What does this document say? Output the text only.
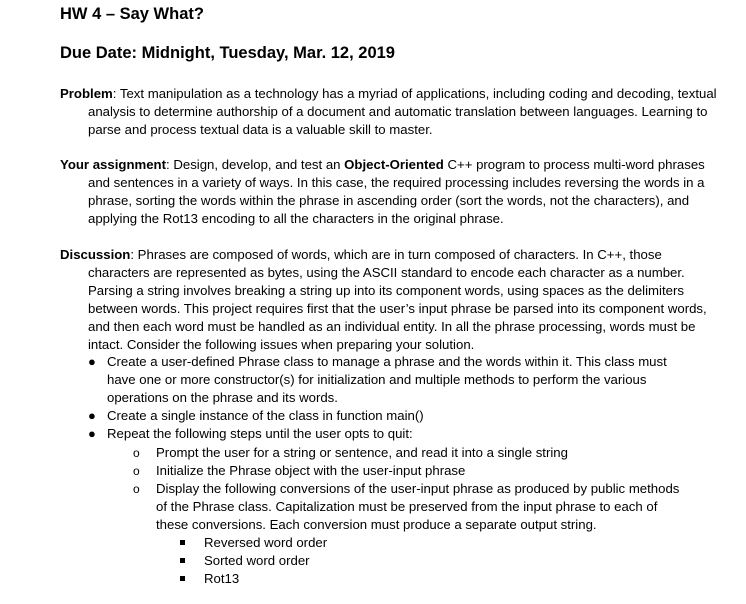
HW 4 – Say What?
Due Date: Midnight, Tuesday, Mar. 12, 2019
Problem: Text manipulation as a technology has a myriad of applications, including coding and decoding, textual analysis to determine authorship of a document and automatic translation between languages. Learning to parse and process textual data is a valuable skill to master.
Your assignment: Design, develop, and test an Object-Oriented C++ program to process multi-word phrases and sentences in a variety of ways. In this case, the required processing includes reversing the words in a phrase, sorting the words within the phrase in ascending order (sort the words, not the characters), and applying the Rot13 encoding to all the characters in the original phrase.
Discussion: Phrases are composed of words, which are in turn composed of characters. In C++, those characters are represented as bytes, using the ASCII standard to encode each character as a number. Parsing a string involves breaking a string up into its component words, using spaces as the delimiters between words. This project requires first that the user’s input phrase be parsed into its component words, and then each word must be handled as an individual entity. In all the phrase processing, words must be intact. Consider the following issues when preparing your solution.
● Create a user-defined Phrase class to manage a phrase and the words within it. This class must have one or more constructor(s) for initialization and multiple methods to perform the various operations on the phrase and its words.
● Create a single instance of the class in function main()
● Repeat the following steps until the user opts to quit:
o Prompt the user for a string or sentence, and read it into a single string
o Initialize the Phrase object with the user-input phrase
o Display the following conversions of the user-input phrase as produced by public methods of the Phrase class. Capitalization must be preserved from the input phrase to each of these conversions. Each conversion must produce a separate output string.
Reversed word order
Sorted word order
Rot13
